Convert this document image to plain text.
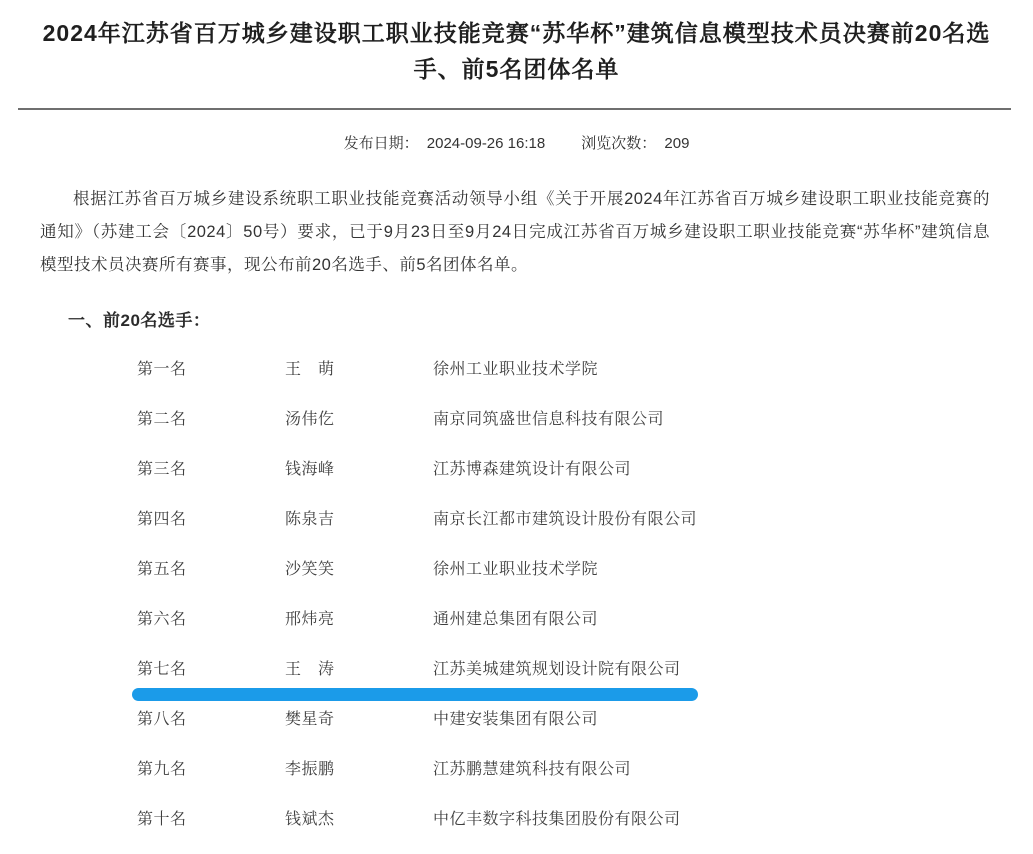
2024年江苏省百万城乡建设职工职业技能竞赛“苏华杯”建筑信息模型技术员决赛前20名选手、前5名团体名单
发布日期： 2024-09-26 16:18 浏览次数： 209

根据江苏省百万城乡建设系统职工职业技能竞赛活动领导小组《关于开展2024年江苏省百万城乡建设职工职业技能竞赛的通知》（苏建工会〔2024〕50号）要求，已于9月23日至9月24日完成江苏省百万城乡建设职工职业技能竞赛“苏华杯”建筑信息模型技术员决赛所有赛事，现公布前20名选手、前5名团体名单。

一、前20名选手：
第一名	王　萌	徐州工业职业技术学院
第二名	汤伟仡	南京同筑盛世信息科技有限公司
第三名	钱海峰	江苏博森建筑设计有限公司
第四名	陈泉吉	南京长江都市建筑设计股份有限公司
第五名	沙笑笑	徐州工业职业技术学院
第六名	邢炜亮	通州建总集团有限公司
第七名	王　涛	江苏美城建筑规划设计院有限公司
第八名	樊星奇	中建安装集团有限公司
第九名	李振鹏	江苏鹏慧建筑科技有限公司
第十名	钱斌杰	中亿丰数字科技集团股份有限公司
